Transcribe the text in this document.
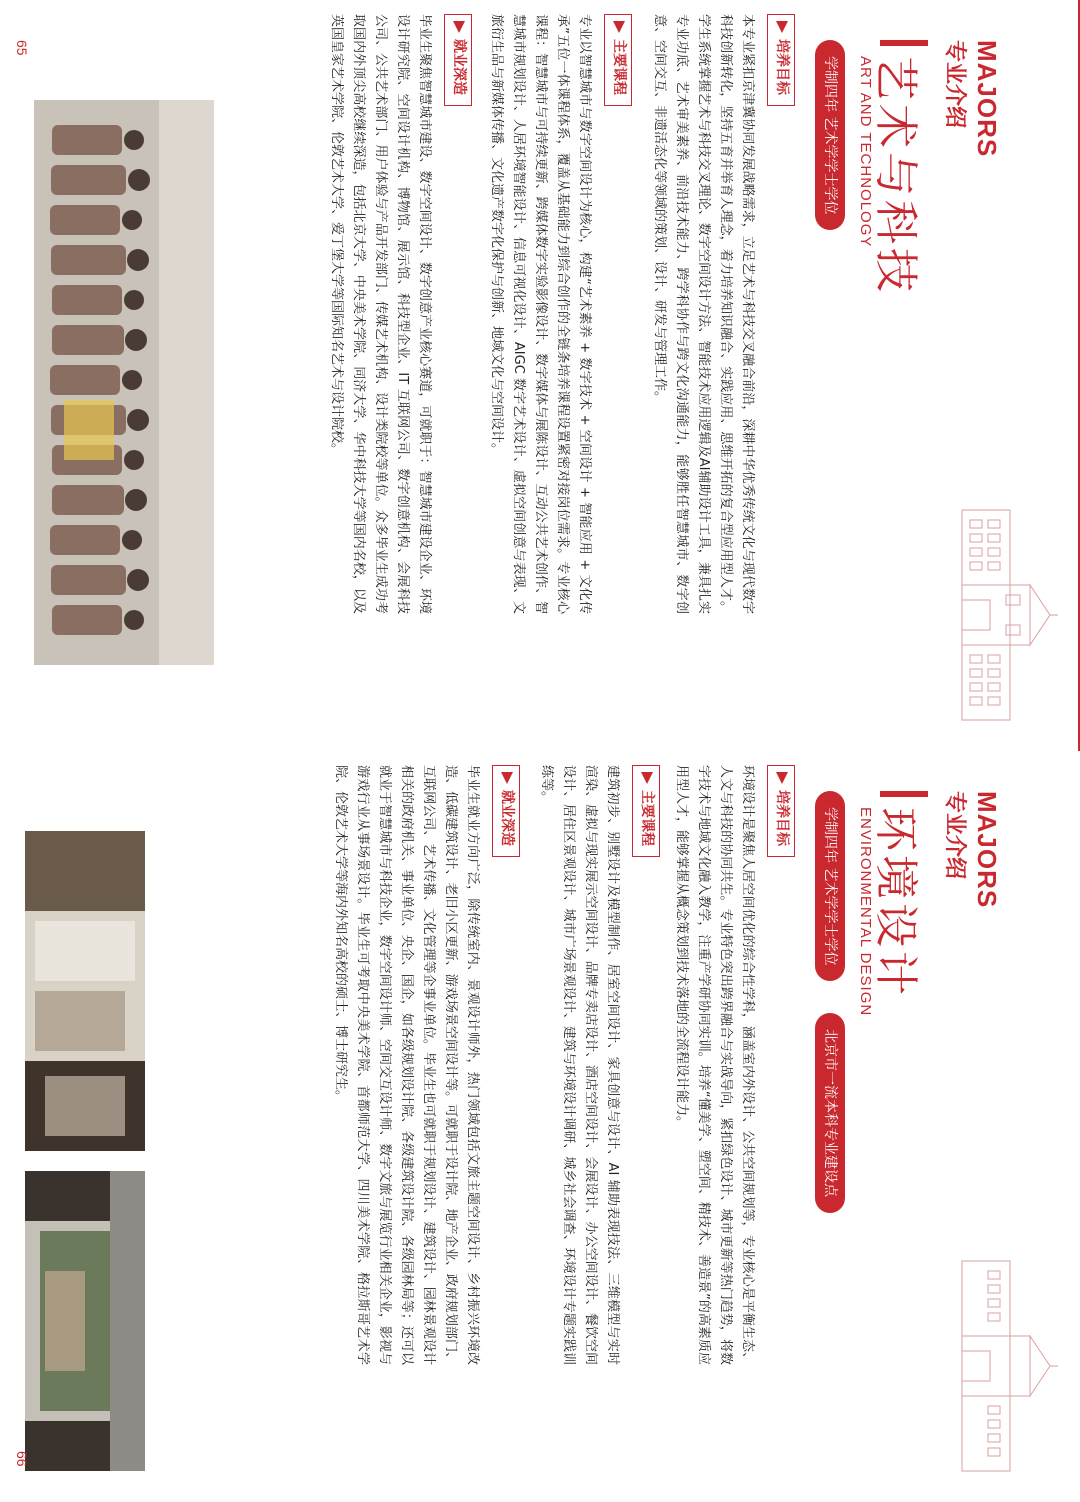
MAJORS
专业介绍
艺术与科技
ART AND TECHNOLOGY
学制四年 艺术学学士学位
培养目标
本专业紧扣京津冀协同发展战略需求，立足艺术与科技交叉融合前沿，深耕中华优秀传统文化与现代数字科技创新转化，坚持五育并举育人理念，着力培养知识融合、实践应用、思维开拓的复合型应用型人才。学生系统掌握艺术与科技交叉理论、数字空间设计方法、智能技术应用逻辑及AI辅助设计工具，兼具扎实专业功底、艺术审美素养、前沿技术能力、跨学科协作与跨文化沟通能力，能够胜任智慧城市、数字创意、空间交互、非遗活态化等领域的策划、设计、研发与管理工作。
主要课程
专业以智慧城市与数字空间设计为核心，构建“艺术素养 + 数字技术 + 空间设计 + 智能应用 + 文化传承”五位一体课程体系，覆盖从基础能力到综合创作的全链条培养课程设置紧密对接岗位需求。专业核心课程：智慧城市与可持续更新、跨媒体数字实验影像设计、数字媒体与展陈设计、互动公共艺术创作、智慧城市规划设计、人居环境智能设计、信息可视化设计、AIGC 数字艺术设计、虚拟空间创意与表现、文旅衍生品与新媒体传播、文化遗产数字化保护与创新、地域文化与空间设计。
就业深造
毕业生聚焦智慧城市建设、数字空间设计、数字创意产业核心赛道，可就职于：智慧城市建设企业、环境设计研究院、空间设计机构、博物馆、展示馆、科技型企业、IT 互联网公司、数字创意机构、会展科技公司、公共艺术部门、用户体验与产品开发部门、传媒艺术机构、设计类院校等单位。众多毕业生成功考取国内外顶尖高校继续深造，包括北京大学、中央美术学院、同济大学、华中科技大学等国内名校，以及英国皇家艺术学院、伦敦艺术大学、爱丁堡大学等国际知名艺术与设计院校。
65
MAJORS
专业介绍
环境设计
ENVIRONMENTAL DESIGN
学制四年 艺术学学士学位
北京市一流本科专业建设点
培养目标
环境设计是聚焦人居空间优化的综合性学科，涵盖室内外设计、公共空间规划等，专业核心是平衡生态、人文与科技的协同共生。专业特色突出跨界融合与实战导向，紧扣绿色设计、城市更新等热门趋势，将数字技术与地域文化融入教学，注重产学研协同实训。培养“懂美学、塑空间、精技术、善造景”的高素质应用型人才，能够掌握从概念策划到技术落地的全流程设计能力。
主要课程
建筑初步、别墅设计及模型制作、居室空间设计、家具创意与设计、AI 辅助表现技法、三维模型与实时渲染、虚拟与现实展示空间设计、品牌专卖店设计、酒店空间设计、会展设计、办公空间设计、餐饮空间设计、居住区景观设计、城市广场景观设计、建筑与环境设计调研、城乡社会调查、环境设计专题实践训练等。
就业深造
毕业生就业方向广泛，除传统室内、景观设计师外，热门领域包括文旅主题空间设计、乡村振兴环境改造、低碳建筑设计、老旧小区更新、游戏场景空间设计等。可就职于设计院、地产企业、政府规划部门、互联网公司、艺术传播、文化管理等企事业单位。毕业生也可就职于规划设计、建筑设计、园林景观设计相关的政府机关、事业单位、央企、国企，如各级规划设计院、各级建筑设计院、各级园林局等；还可以就业于智慧城市与科技企业，数字空间设计师、空间交互设计师、数字文旅与展览行业相关企业，影视与游戏行业从事场景设计。毕业生可考取中央美术学院、首都师范大学、四川美术学院、格拉斯哥艺术学院、伦敦艺术大学等海内外知名高校的硕士、博士研究生。
66
